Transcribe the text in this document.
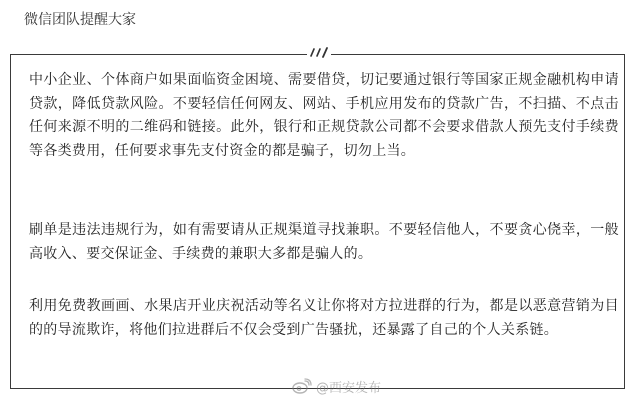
微信团队提醒大家

中小企业、个体商户如果面临资金困境、需要借贷，切记要通过银行等国家正规金融机构申请贷款，降低贷款风险。不要轻信任何网友、网站、手机应用发布的贷款广告，不扫描、不点击任何来源不明的二维码和链接。此外，银行和正规贷款公司都不会要求借款人预先支付手续费等各类费用，任何要求事先支付资金的都是骗子，切勿上当。

刷单是违法违规行为，如有需要请从正规渠道寻找兼职。不要轻信他人，不要贪心侥幸，一般高收入、要交保证金、手续费的兼职大多都是骗人的。

利用免费教画画、水果店开业庆祝活动等名义让你将对方拉进群的行为，都是以恶意营销为目的的导流欺诈，将他们拉进群后不仅会受到广告骚扰，还暴露了自己的个人关系链。

@西安发布
